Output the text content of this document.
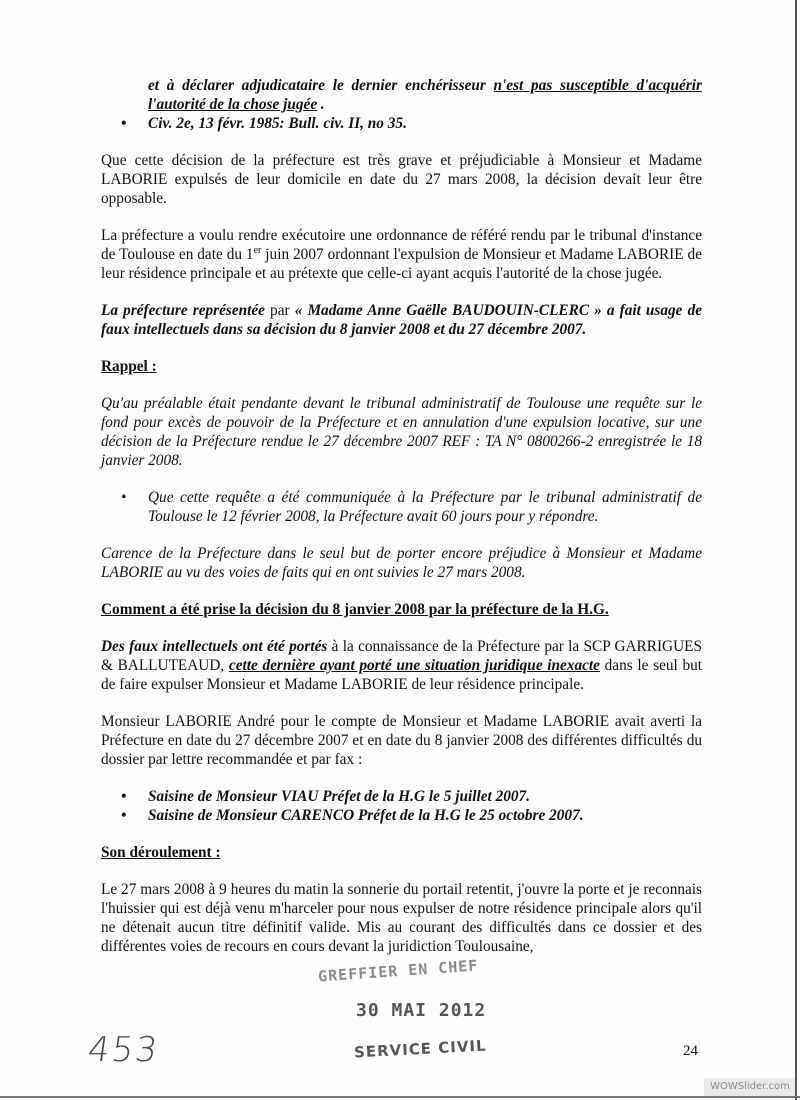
et à déclarer adjudicataire le dernier enchérisseur n'est pas susceptible d'acquérir l'autorité de la chose jugée .

• Civ. 2e, 13 févr. 1985: Bull. civ. II, no 35.

Que cette décision de la préfecture est très grave et préjudiciable à Monsieur et Madame LABORIE expulsés de leur domicile en date du 27 mars 2008, la décision devait leur être opposable.

La préfecture a voulu rendre exécutoire une ordonnance de référé rendu par le tribunal d'instance de Toulouse en date du 1er juin 2007 ordonnant l'expulsion de Monsieur et Madame LABORIE de leur résidence principale et au prétexte que celle-ci ayant acquis l'autorité de la chose jugée.

La préfecture représentée par « Madame Anne Gaëlle BAUDOUIN-CLERC » a fait usage de faux intellectuels dans sa décision du 8 janvier 2008 et du 27 décembre 2007.

Rappel :

Qu'au préalable était pendante devant le tribunal administratif de Toulouse une requête sur le fond pour excès de pouvoir de la Préfecture et en annulation d'une expulsion locative, sur une décision de la Préfecture rendue le 27 décembre 2007 REF : TA N° 0800266-2 enregistrée le 18 janvier 2008.

• Que cette requête a été communiquée à la Préfecture par le tribunal administratif de Toulouse le 12 février 2008, la Préfecture avait 60 jours pour y répondre.

Carence de la Préfecture dans le seul but de porter encore préjudice à Monsieur et Madame LABORIE au vu des voies de faits qui en ont suivies le 27 mars 2008.

Comment a été prise la décision du 8 janvier 2008 par la préfecture de la H.G.

Des faux intellectuels ont été portés à la connaissance de la Préfecture par la SCP GARRIGUES & BALLUTEAUD, cette dernière ayant porté une situation juridique inexacte dans le seul but de faire expulser Monsieur et Madame LABORIE de leur résidence principale.

Monsieur LABORIE André pour le compte de Monsieur et Madame LABORIE avait averti la Préfecture en date du 27 décembre 2007 et en date du 8 janvier 2008 des différentes difficultés du dossier par lettre recommandée et par fax :

• Saisine de Monsieur VIAU Préfet de la H.G le 5 juillet 2007.

• Saisine de Monsieur CARENCO Préfet de la H.G le 25 octobre 2007.

Son déroulement :

Le 27 mars 2008 à 9 heures du matin la sonnerie du portail retentit, j'ouvre la porte et je reconnais l'huissier qui est déjà venu m'harceler pour nous expulser de notre résidence principale alors qu'il ne détenait aucun titre définitif valide. Mis au courant des difficultés dans ce dossier et des différentes voies de recours en cours devant la juridiction Toulousaine,

453
GREFFIER EN CHEF
30 MAI 2012
SERVICE CIVIL	24
WOWSlider.com
